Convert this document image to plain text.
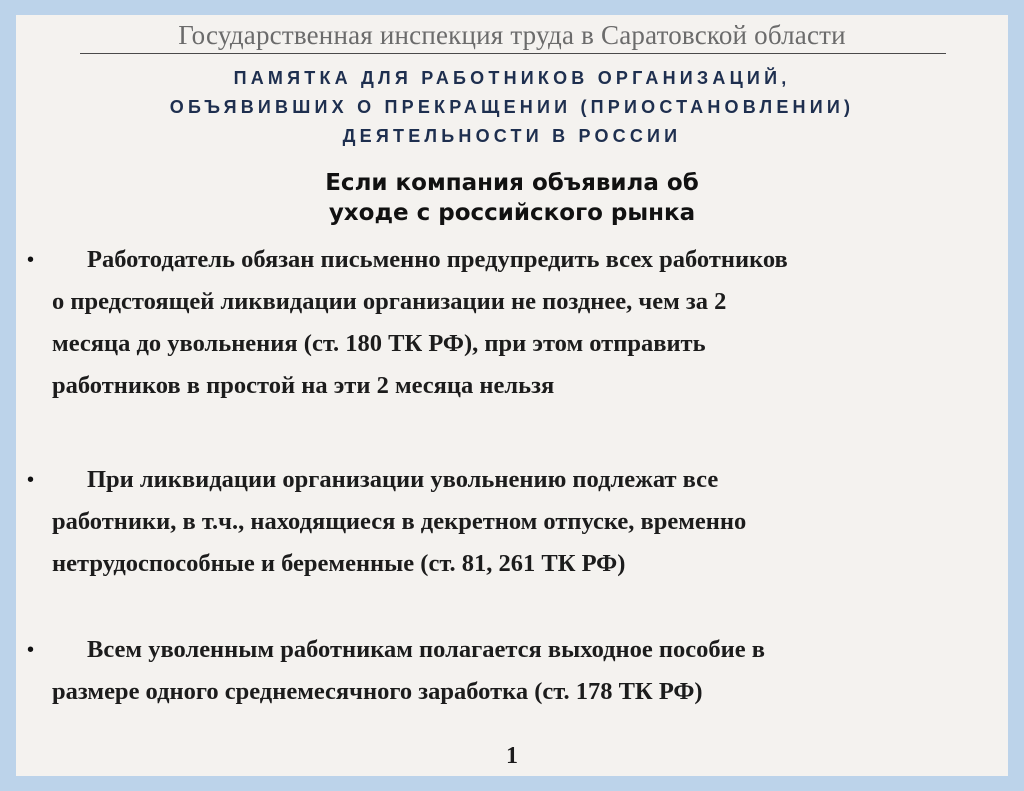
Государственная инспекция труда в Саратовской области
ПАМЯТКА ДЛЯ РАБОТНИКОВ ОРГАНИЗАЦИЙ,
ОБЪЯВИВШИХ О ПРЕКРАЩЕНИИ (ПРИОСТАНОВЛЕНИИ)
ДЕЯТЕЛЬНОСТИ В РОССИИ
Если компания объявила об
уходе с российского рынка
• Работодатель обязан письменно предупредить всех работников
о предстоящей ликвидации организации не позднее, чем за 2
месяца до увольнения (ст. 180 ТК РФ), при этом отправить
работников в простой на эти 2 месяца нельзя
• При ликвидации организации увольнению подлежат все
работники, в т.ч., находящиеся в декретном отпуске, временно
нетрудоспособные и беременные (ст. 81, 261 ТК РФ)
• Всем уволенным работникам полагается выходное пособие в
размере одного среднемесячного заработка (ст. 178 ТК РФ)
1
